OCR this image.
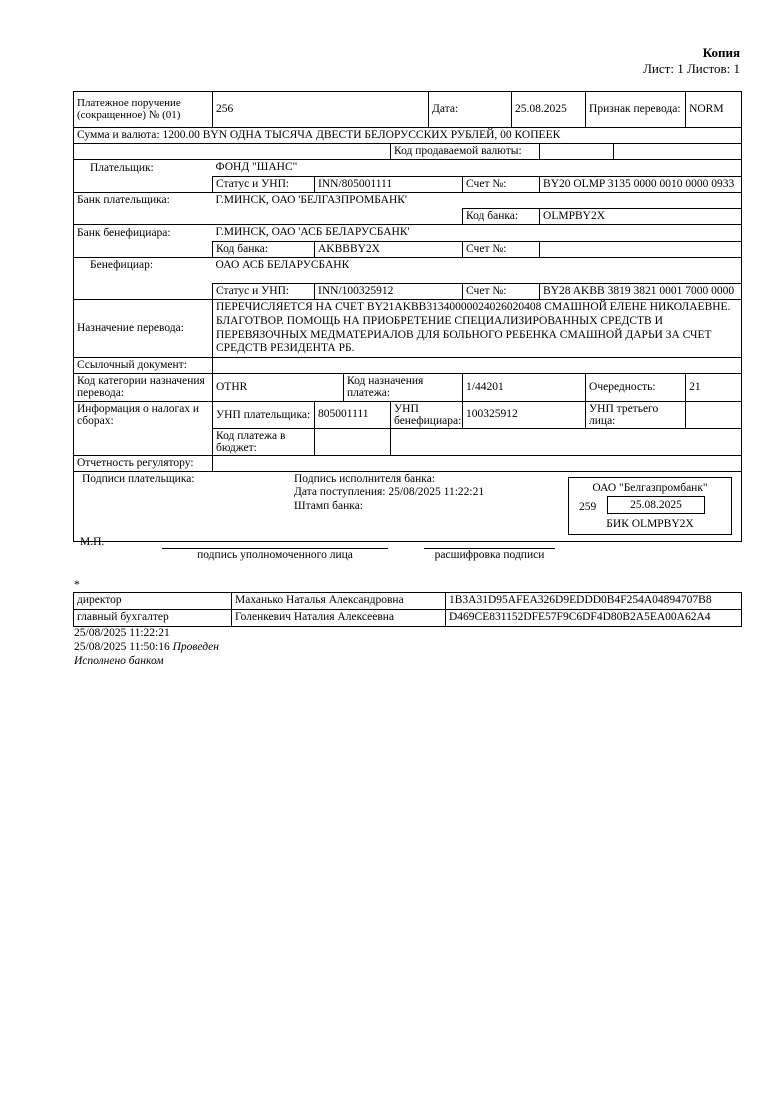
Копия
Лист: 1 Листов: 1
Платежное поручение (сокращенное) № (01)	256				Дата:		25.08.2025		Признак перевода:		NORM
Сумма и валюта: 1200.00 BYN ОДНА ТЫСЯЧА ДВЕСТИ БЕЛОРУССКИХ РУБЛЕЙ, 00 КОПЕЕК											
				Код продаваемой валюты:							
Плательщик:	ФОНД "ШАНС"										
	Статус и УНП:	INN/805001111				Счет №:		BY20 OLMP 3135 0000 0010 0000 0933			
Банк плательщика:	Г.МИНСК, ОАО 'БЕЛГАЗПРОМБАНК'										
						Код банка:		OLMPBY2X			
Банк бенефициара:	Г.МИНСК, ОАО 'АСБ БЕЛАРУСБАНК'										
	Код банка:	AKBBBY2X				Счет №:					
Бенефициар:	ОАО АСБ БЕЛАРУСБАНК										
	Статус и УНП:	INN/100325912				Счет №:		BY28 AKBB 3819 3821 0001 7000 0000			
Назначение перевода:	ПЕРЕЧИСЛЯЕТСЯ НА СЧЕТ BY21AKBB31340000024026020408 СМАШНОЙ ЕЛЕНЕ НИКОЛАЕВНЕ. БЛАГОТВОР. ПОМОЩЬ НА ПРИОБРЕТЕНИЕ СПЕЦИАЛИЗИРОВАННЫХ СРЕДСТВ И ПЕРЕВЯЗОЧНЫХ МЕДМАТЕРИАЛОВ ДЛЯ БОЛЬНОГО РЕБЕНКА СМАШНОЙ ДАРЬИ ЗА СЧЕТ СРЕДСТВ РЕЗИДЕНТА РБ.										
Ссылочный документ:											
Код категории назначения перевода:	OTHR		Код назначения платежа:			1/44201			Очередность:		21
Информация о налогах и сборах:	УНП плательщика:	805001111		УНП бенефициара:		100325912			УНП третьего лица:		
	Код платежа в бюджет:										
Отчетность регулятору:											

Подписи плательщика: Подпись исполнителя банка:
Дата поступления: 25/08/2025 11:22:21
Штамп банка:											
ОАО "Белгазпромбанк"
259	25.08.2025
БИК OLMPBY2X
М.П.
подпись уполномоченного лица	расшифровка подписи
*
директор	Маханько Наталья Александровна	1B3A31D95AFEA326D9EDDD0B4F254A04894707B8
главный бухгалтер	Голенкевич Наталия Алексеевна	D469CE831152DFE57F9C6DF4D80B2A5EA00A62A4
25/08/2025 11:22:21
25/08/2025 11:50:16 Проведен
Исполнено банком
